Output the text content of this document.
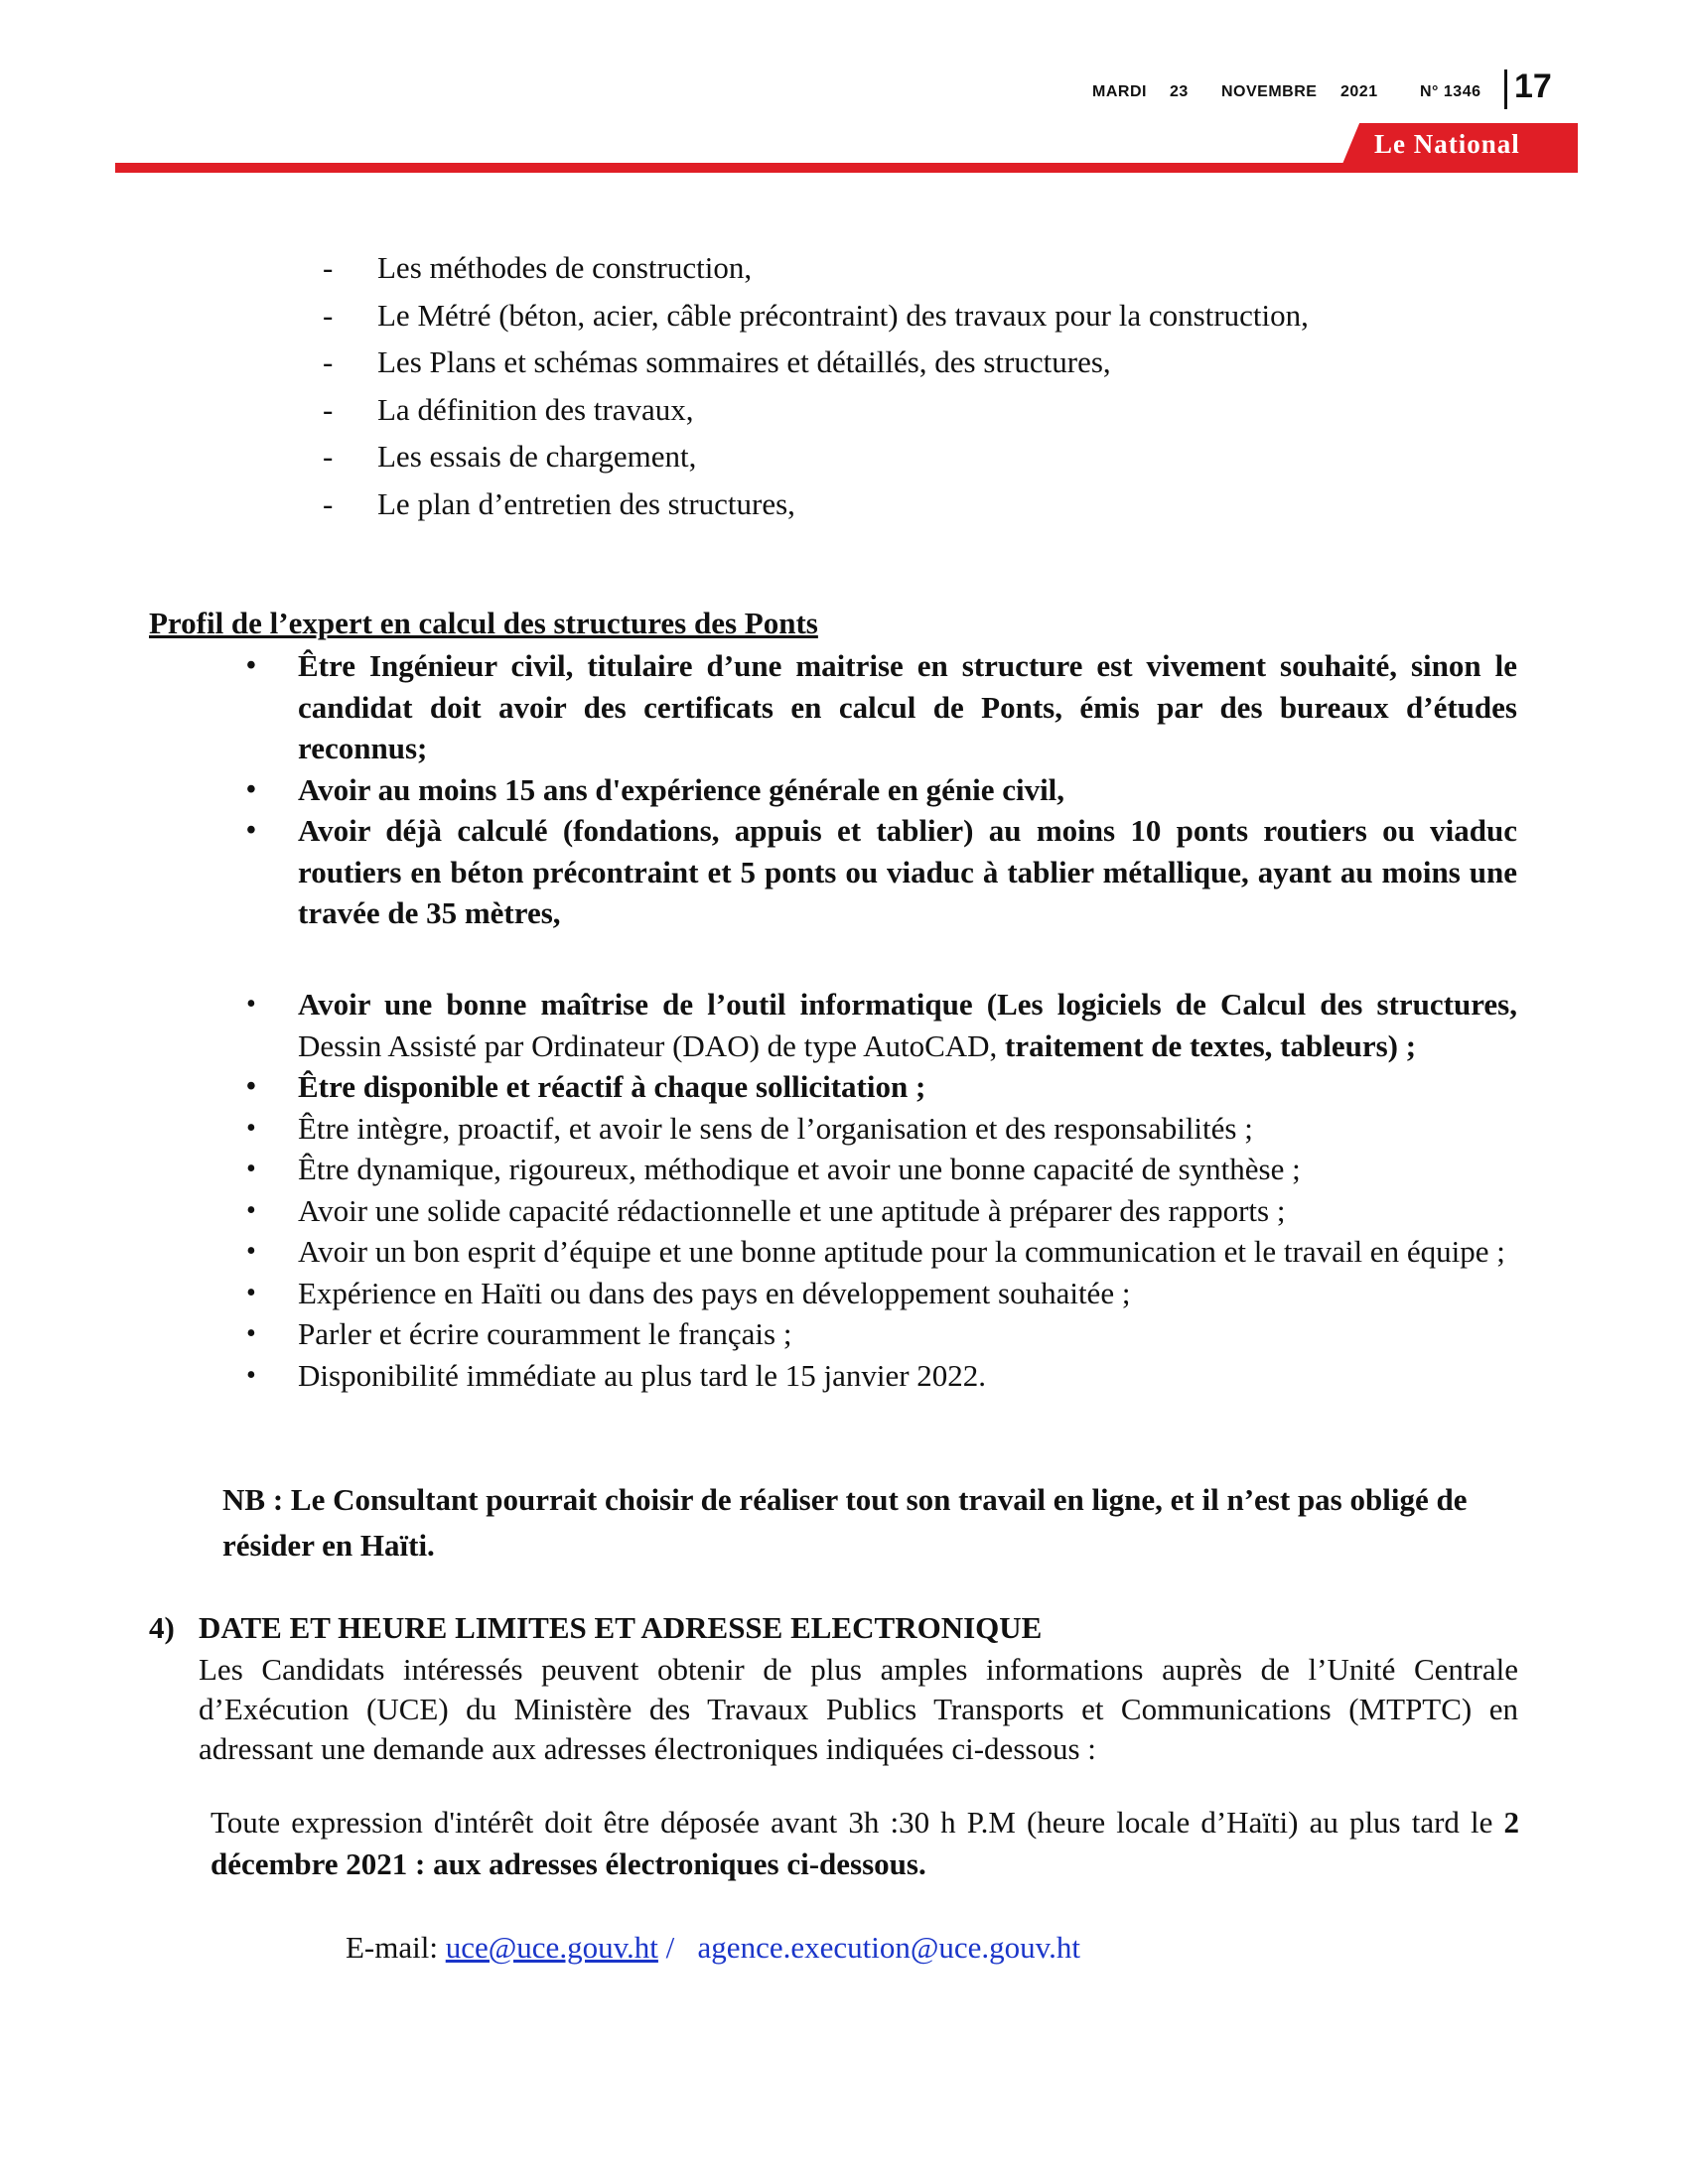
MARDI 23 NOVEMBRE 2021	N° 1346 17
Le National
- Les méthodes de construction,
- Le Métré (béton, acier, câble précontraint) des travaux pour la construction,
- Les Plans et schémas sommaires et détaillés, des structures,
- La définition des travaux,
- Les essais de chargement,
- Le plan d’entretien des structures,
Profil de l’expert en calcul des structures des Ponts
• Être Ingénieur civil, titulaire d’une maitrise en structure est vivement souhaité, sinon le candidat doit avoir des certificats en calcul de Ponts, émis par des bureaux d’études reconnus;
• Avoir au moins 15 ans d'expérience générale en génie civil,
• Avoir déjà calculé (fondations, appuis et tablier) au moins 10 ponts routiers ou viaduc routiers en béton précontraint et 5 ponts ou viaduc à tablier métallique, ayant au moins une travée de 35 mètres,
• Avoir une bonne maîtrise de l’outil informatique (Les logiciels de Calcul des structures, Dessin Assisté par Ordinateur (DAO) de type AutoCAD, traitement de textes, tableurs) ;
• Être disponible et réactif à chaque sollicitation ;
• Être intègre, proactif, et avoir le sens de l’organisation et des responsabilités ;
• Être dynamique, rigoureux, méthodique et avoir une bonne capacité de synthèse ;
• Avoir une solide capacité rédactionnelle et une aptitude à préparer des rapports ;
• Avoir un bon esprit d’équipe et une bonne aptitude pour la communication et le travail en équipe ;
• Expérience en Haïti ou dans des pays en développement souhaitée ;
• Parler et écrire couramment le français ;
• Disponibilité immédiate au plus tard le 15 janvier 2022.
NB : Le Consultant pourrait choisir de réaliser tout son travail en ligne, et il n’est pas obligé de résider en Haïti.
4) DATE ET HEURE LIMITES ET ADRESSE ELECTRONIQUE
Les Candidats intéressés peuvent obtenir de plus amples informations auprès de l’Unité Centrale d’Exécution (UCE) du Ministère des Travaux Publics Transports et Communications (MTPTC) en adressant une demande aux adresses électroniques indiquées ci-dessous :
Toute expression d'intérêt doit être déposée avant 3h :30 h P.M (heure locale d’Haïti) au plus tard le 2 décembre 2021 : aux adresses électroniques ci-dessous.
E-mail: uce@uce.gouv.ht /   agence.execution@uce.gouv.ht
